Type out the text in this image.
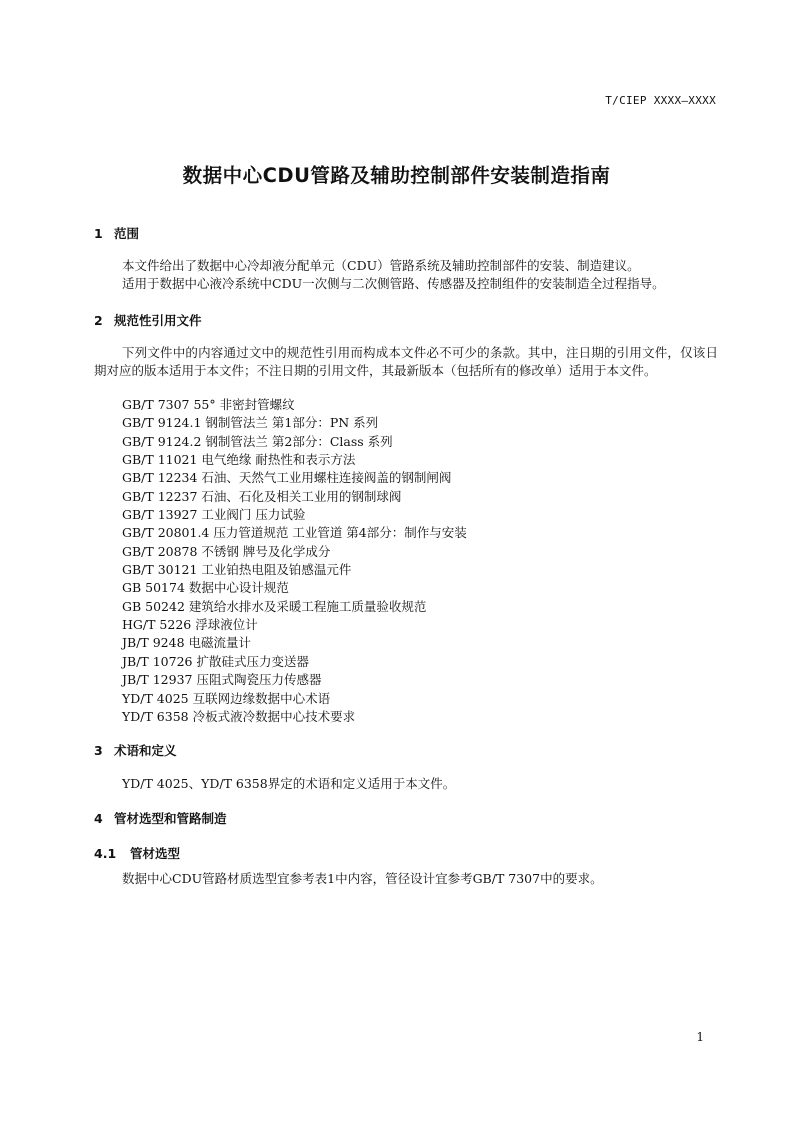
T/CIEP XXXX—XXXX
数据中心CDU管路及辅助控制部件安装制造指南
1 范围
本文件给出了数据中心冷却液分配单元（CDU）管路系统及辅助控制部件的安装、制造建议。
适用于数据中心液冷系统中CDU一次侧与二次侧管路、传感器及控制组件的安装制造全过程指导。
2 规范性引用文件
下列文件中的内容通过文中的规范性引用而构成本文件必不可少的条款。其中，注日期的引用文件，仅该日期对应的版本适用于本文件；不注日期的引用文件，其最新版本（包括所有的修改单）适用于本文件。
GB/T 7307 55° 非密封管螺纹
GB/T 9124.1 钢制管法兰 第1部分：PN 系列
GB/T 9124.2 钢制管法兰 第2部分：Class 系列
GB/T 11021 电气绝缘 耐热性和表示方法
GB/T 12234 石油、天然气工业用螺柱连接阀盖的钢制闸阀
GB/T 12237 石油、石化及相关工业用的钢制球阀
GB/T 13927 工业阀门 压力试验
GB/T 20801.4 压力管道规范 工业管道 第4部分：制作与安装
GB/T 20878 不锈钢 牌号及化学成分
GB/T 30121 工业铂热电阻及铂感温元件
GB 50174 数据中心设计规范
GB 50242 建筑给水排水及采暖工程施工质量验收规范
HG/T 5226 浮球液位计
JB/T 9248 电磁流量计
JB/T 10726 扩散硅式压力变送器
JB/T 12937 压阻式陶瓷压力传感器
YD/T 4025 互联网边缘数据中心术语
YD/T 6358 冷板式液冷数据中心技术要求
3 术语和定义
YD/T 4025、YD/T 6358界定的术语和定义适用于本文件。
4 管材选型和管路制造
4.1 管材选型
数据中心CDU管路材质选型宜参考表1中内容，管径设计宜参考GB/T 7307中的要求。
1
